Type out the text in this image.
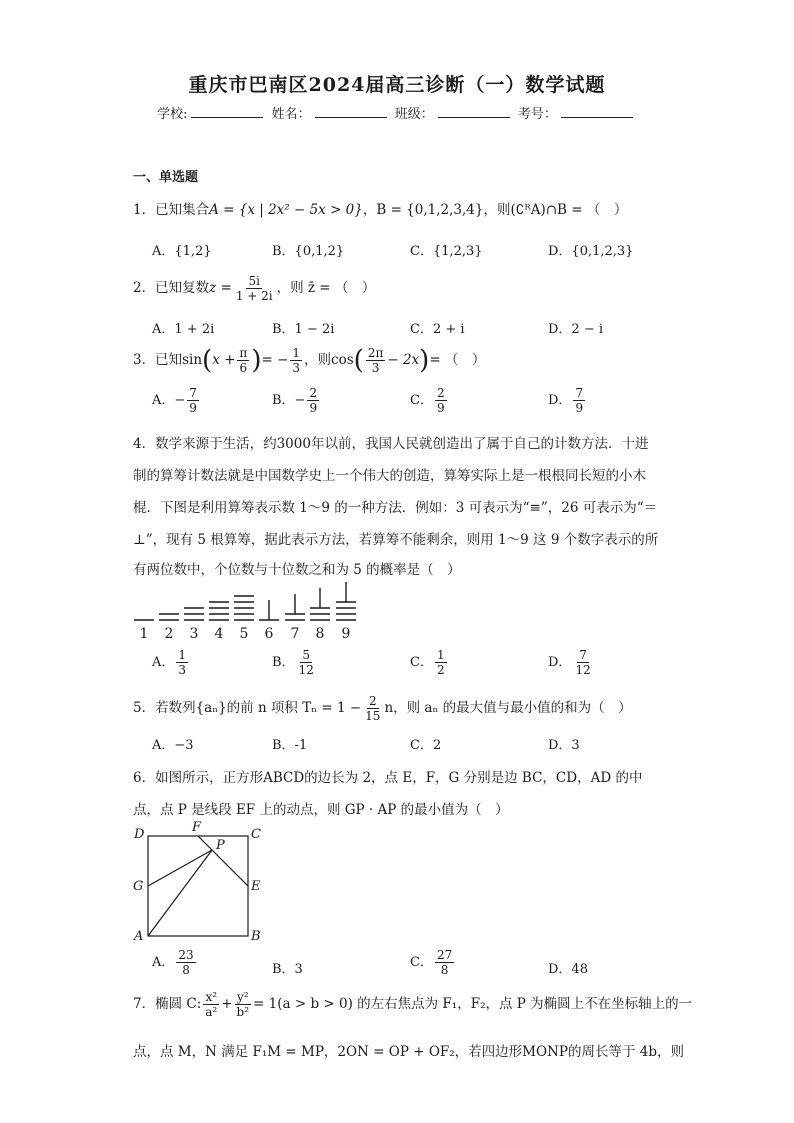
重庆市巴南区2024届高三诊断（一）数学试题
学校:	姓名：	班级：	考号：
一、单选题
1．已知集合A = {x | 2x² − 5x > 0}，B = {0,1,2,3,4}，则(∁ᴿA)∩B = （　）
A．{1,2}	B．{0,1,2}	C．{1,2,3}	D．{0,1,2,3}
2．已知复数$z = \frac{5i}{1 + 2i}$ ，则 z̄ = （　）
A．1 + 2i	B．1 − 2i	C．2 + i	D．2 − i
3．已知$\sin(x + \frac{\pi}{6}$ )= − $\frac{1}{3}$ ，则$\cos( \frac{2\pi}{3} - 2x)=$ （　）
A．− $\frac{7}{9}$	B．− $\frac{2}{9}$	C． $\frac{2}{9}$	D． $\frac{7}{9}$
4．数学来源于生活，约3000年以前，我国人民就创造出了属于自己的计数方法．十进
制的算筹计数法就是中国数学史上一个伟大的创造，算筹实际上是一根根同长短的小木
棍．下图是利用算筹表示数 1～9 的一种方法．例如：3 可表示为“≡”，26 可表示为“＝
⊥”，现有 5 根算筹，据此表示方法，若算筹不能剩余，则用 1～9 这 9 个数字表示的所
有两位数中，个位数与十位数之和为 5 的概率是（　）
1 2 3 4 5 6 7 8 9
A． $\frac{1}{3}$	B． $\frac{5}{12}$	C． $\frac{1}{2}$	D． $\frac{7}{12}$
5．若数列{aₙ}的前 n 项积 $T_n = 1 - \frac{2}{15}$ n，则 aₙ 的最大值与最小值的和为（　）
A．−3	B．-1	C．2	D．3
6．如图所示，正方形ABCD的边长为 2，点 E，F，G 分别是边 BC，CD，AD 的中
点，点 P 是线段 EF 上的动点，则 GP · AP 的最小值为（　）
D	F	C
P
G	E
A	B
A． $\frac{23}{8}$	B．3	C． $\frac{27}{8}$	D．48
7．椭圆 C: $\frac{\text{x²}}{\text{a²}} + \frac{\text{y²}}{\text{b²}} = 1(a > b > 0)$ 的左右焦点为 F₁，F₂，点 P 为椭圆上不在坐标轴上的一
点，点 M，N 满足 F₁M = MP，2ON = OP + OF₂，若四边形MONP的周长等于 4b，则
